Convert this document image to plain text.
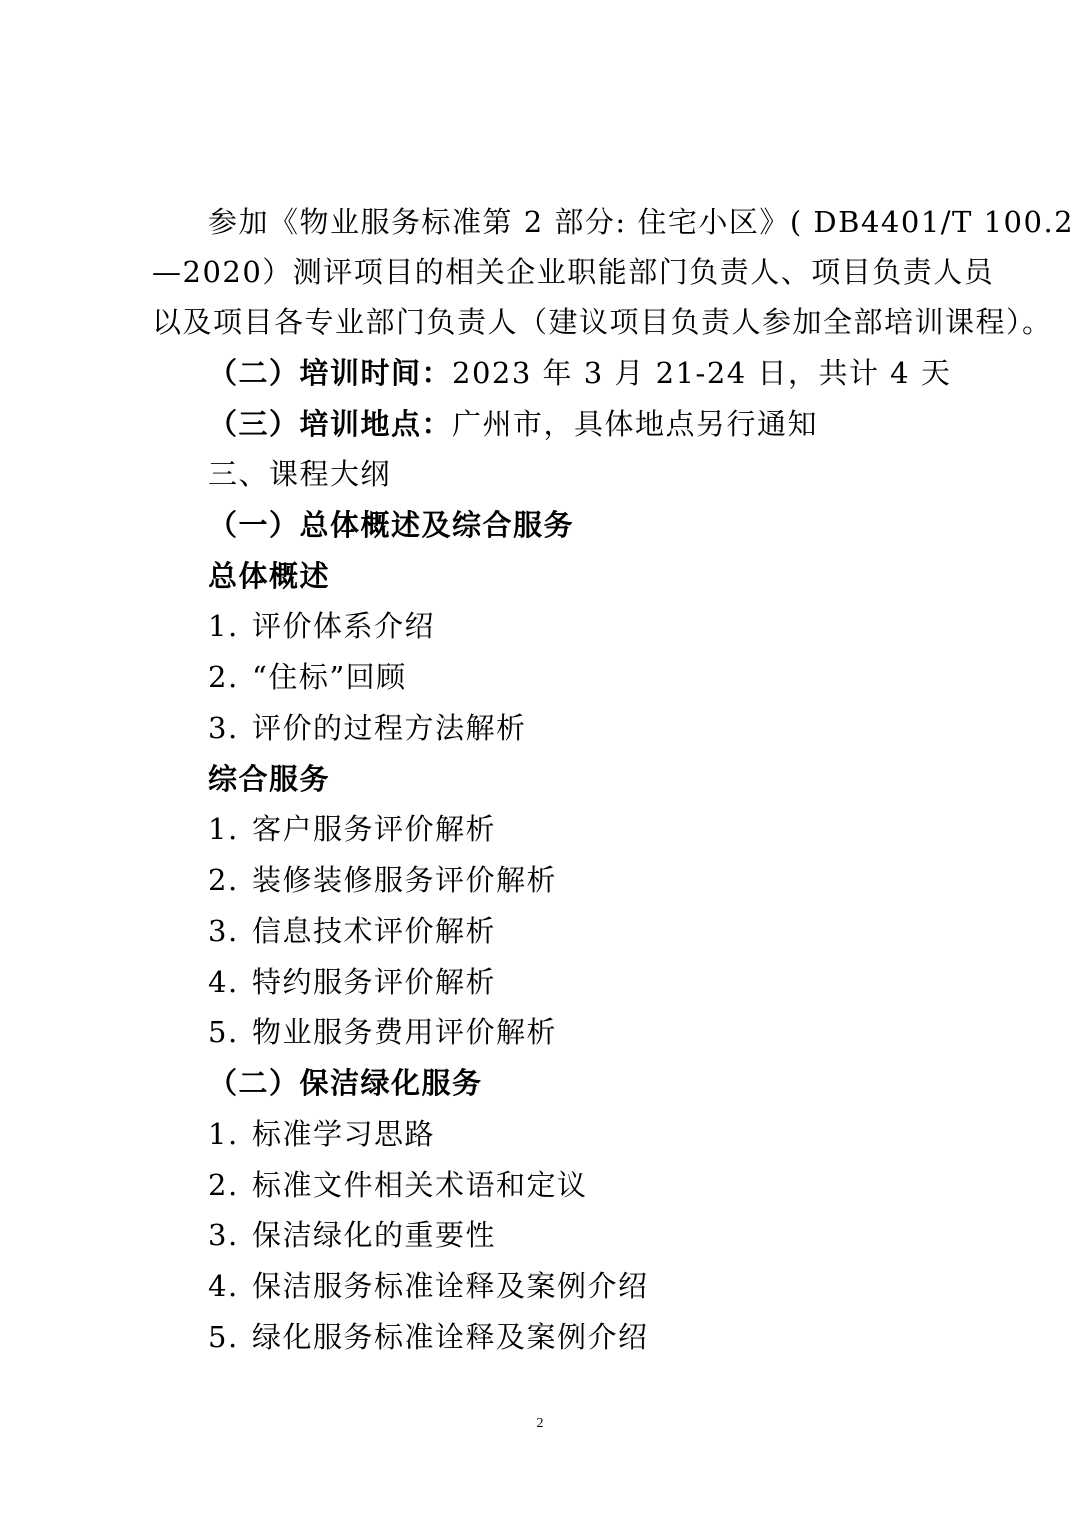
参加《物业服务标准第 2 部分: 住宅小区》( DB4401/T 100.2
—2020）测评项目的相关企业职能部门负责人、项目负责人员
以及项目各专业部门负责人（建议项目负责人参加全部培训课程）。
（二）培训时间：2023 年 3 月 21-24 日，共计 4 天
（三）培训地点：广州市，具体地点另行通知
三、课程大纲
（一）总体概述及综合服务
总体概述
1. 评价体系介绍
2. “住标”回顾
3. 评价的过程方法解析
综合服务
1. 客户服务评价解析
2. 装修装修服务评价解析
3. 信息技术评价解析
4. 特约服务评价解析
5. 物业服务费用评价解析
（二）保洁绿化服务
1. 标准学习思路
2. 标准文件相关术语和定议
3. 保洁绿化的重要性
4. 保洁服务标准诠释及案例介绍
5. 绿化服务标准诠释及案例介绍
2
